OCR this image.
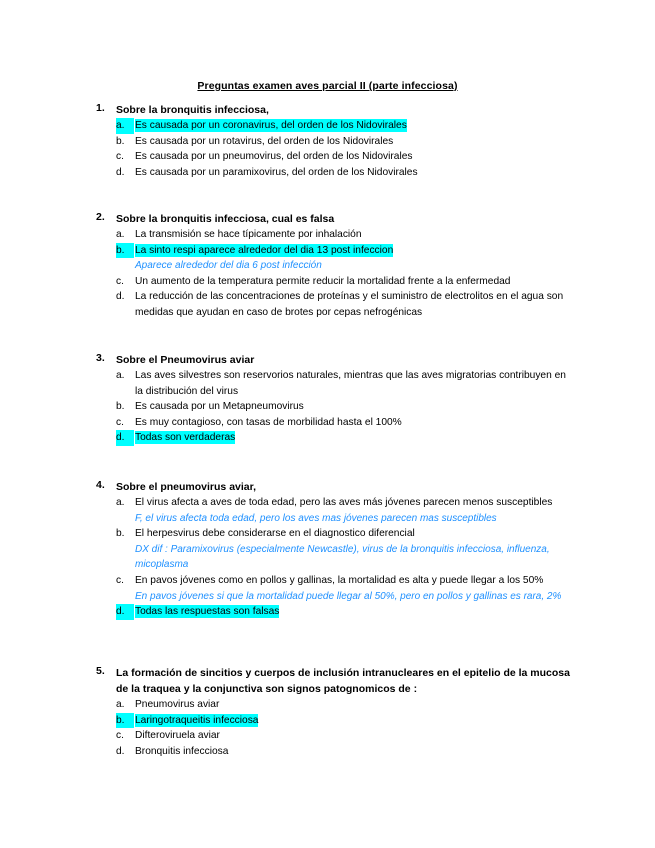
Preguntas examen aves parcial II (parte infecciosa)
1. Sobre la bronquitis infecciosa,
a.	Es causada por un coronavirus, del orden de los Nidovirales
b.	Es causada por un rotavirus, del orden de los Nidovirales
c.	Es causada por un pneumovirus, del orden de los Nidovirales
d.	Es causada por un paramixovirus, del orden de los Nidovirales
2. Sobre la bronquitis infecciosa, cual es falsa
a.	La transmisión se hace típicamente por inhalación
b.	La sinto respi aparece alrededor del dia 13 post infeccion
Aparece alrededor del dia 6 post infección
c.	Un aumento de la temperatura permite reducir la mortalidad frente a la enfermedad
d.	La reducción de las concentraciones de proteínas y el suministro de electrolitos en el agua son medidas que ayudan en caso de brotes por cepas nefrogénicas
3. Sobre el Pneumovirus aviar
a.	Las aves silvestres son reservorios naturales, mientras que las aves migratorias contribuyen en la distribución del virus
b.	Es causada por un Metapneumovirus
c.	Es muy contagioso, con tasas de morbilidad hasta el 100%
d.	Todas son verdaderas
4. Sobre el pneumovirus aviar,
a.	El virus afecta a aves de toda edad, pero las aves más jóvenes parecen menos susceptibles
F, el virus afecta toda edad, pero los aves mas jóvenes parecen mas susceptibles
b.	El herpesvirus debe considerarse en el diagnostico diferencial
DX dif : Paramixovirus (especialmente Newcastle), virus de la bronquitis infecciosa, influenza, micoplasma
c.	En pavos jóvenes como en pollos y gallinas, la mortalidad es alta y puede llegar a los 50%
En pavos jóvenes si que la mortalidad puede llegar al 50%, pero en pollos y gallinas es rara, 2%
d.	Todas las respuestas son falsas
5. La formación de sincitios y cuerpos de inclusión intranucleares en el epitelio de la mucosa de la traquea y la conjunctiva son signos patognomicos de :
a.	Pneumovirus aviar
b.	Laringotraqueitis infecciosa
c.	Difteroviruela aviar
d.	Bronquitis infecciosa
